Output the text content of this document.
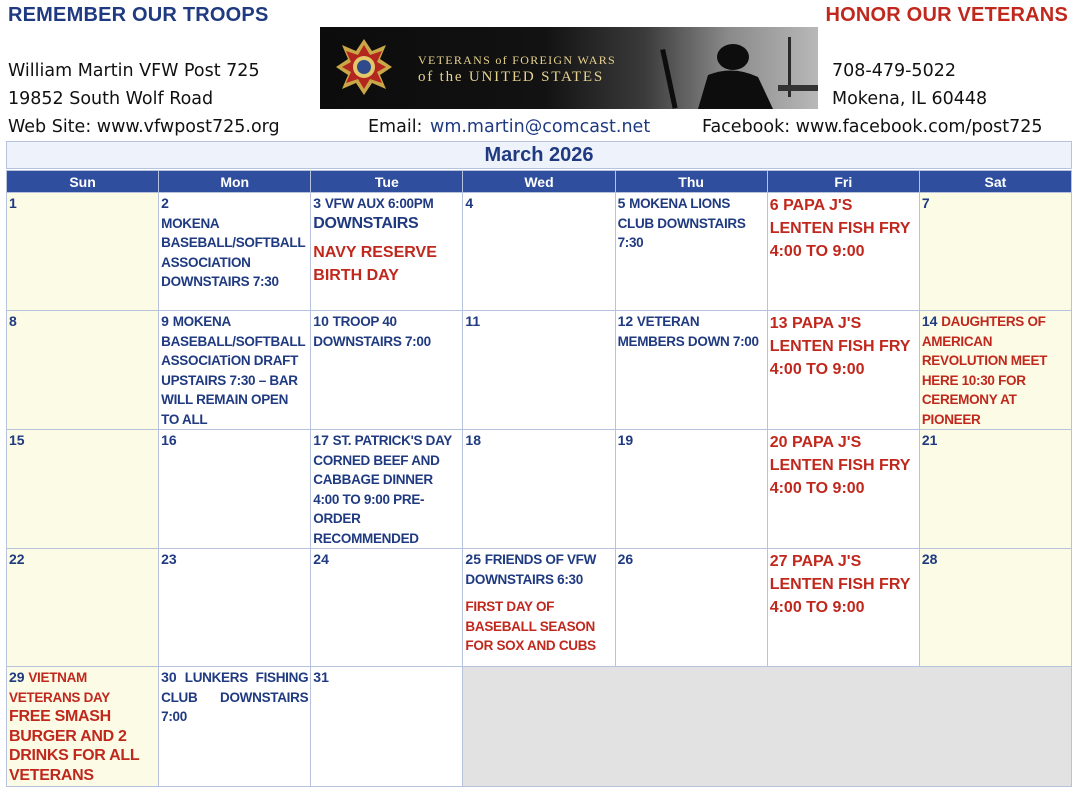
REMEMBER OUR TROOPS	HONOR OUR VETERANS
William Martin VFW Post 725
19852 South Wolf Road
Web Site: www.vfwpost725.org	Email: wm.martin@comcast.net	Facebook: www.facebook.com/post725
708-479-5022
Mokena, IL 60448
VETERANS of FOREIGN WARS
of the UNITED STATES
March 2026
Sun	Mon	Tue	Wed	Thu	Fri	Sat
1	2
MOKENA BASEBALL/SOFTBALL ASSOCIATION DOWNSTAIRS 7:30	3 VFW AUX 6:00PM
DOWNSTAIRS
NAVY RESERVE BIRTH DAY	4	5 MOKENA LIONS CLUB DOWNSTAIRS 7:30	6 PAPA J'S
LENTEN FISH FRY
4:00 TO 9:00	7
8	9 MOKENA BASEBALL/SOFTBALL ASSOCIATiON DRAFT UPSTAIRS 7:30 – BAR WILL REMAIN OPEN TO ALL	10 TROOP 40 DOWNSTAIRS 7:00	11	12 VETERAN MEMBERS DOWN 7:00	13 PAPA J'S
LENTEN FISH FRY
4:00 TO 9:00	14 DAUGHTERS OF AMERICAN REVOLUTION MEET HERE 10:30 FOR CEREMONY AT PIONEER
15	16	17 ST. PATRICK'S DAY CORNED BEEF AND CABBAGE DINNER 4:00 TO 9:00 PRE-ORDER RECOMMENDED	18	19	20 PAPA J'S
LENTEN FISH FRY
4:00 TO 9:00	21
22	23	24	25 FRIENDS OF VFW DOWNSTAIRS 6:30
FIRST DAY OF BASEBALL SEASON FOR SOX AND CUBS	26	27 PAPA J'S
LENTEN FISH FRY
4:00 TO 9:00	28
29 VIETNAM VETERANS DAY
FREE SMASH BURGER AND 2 DRINKS FOR ALL VETERANS	30 LUNKERS FISHING CLUB DOWNSTAIRS 7:00	31				
